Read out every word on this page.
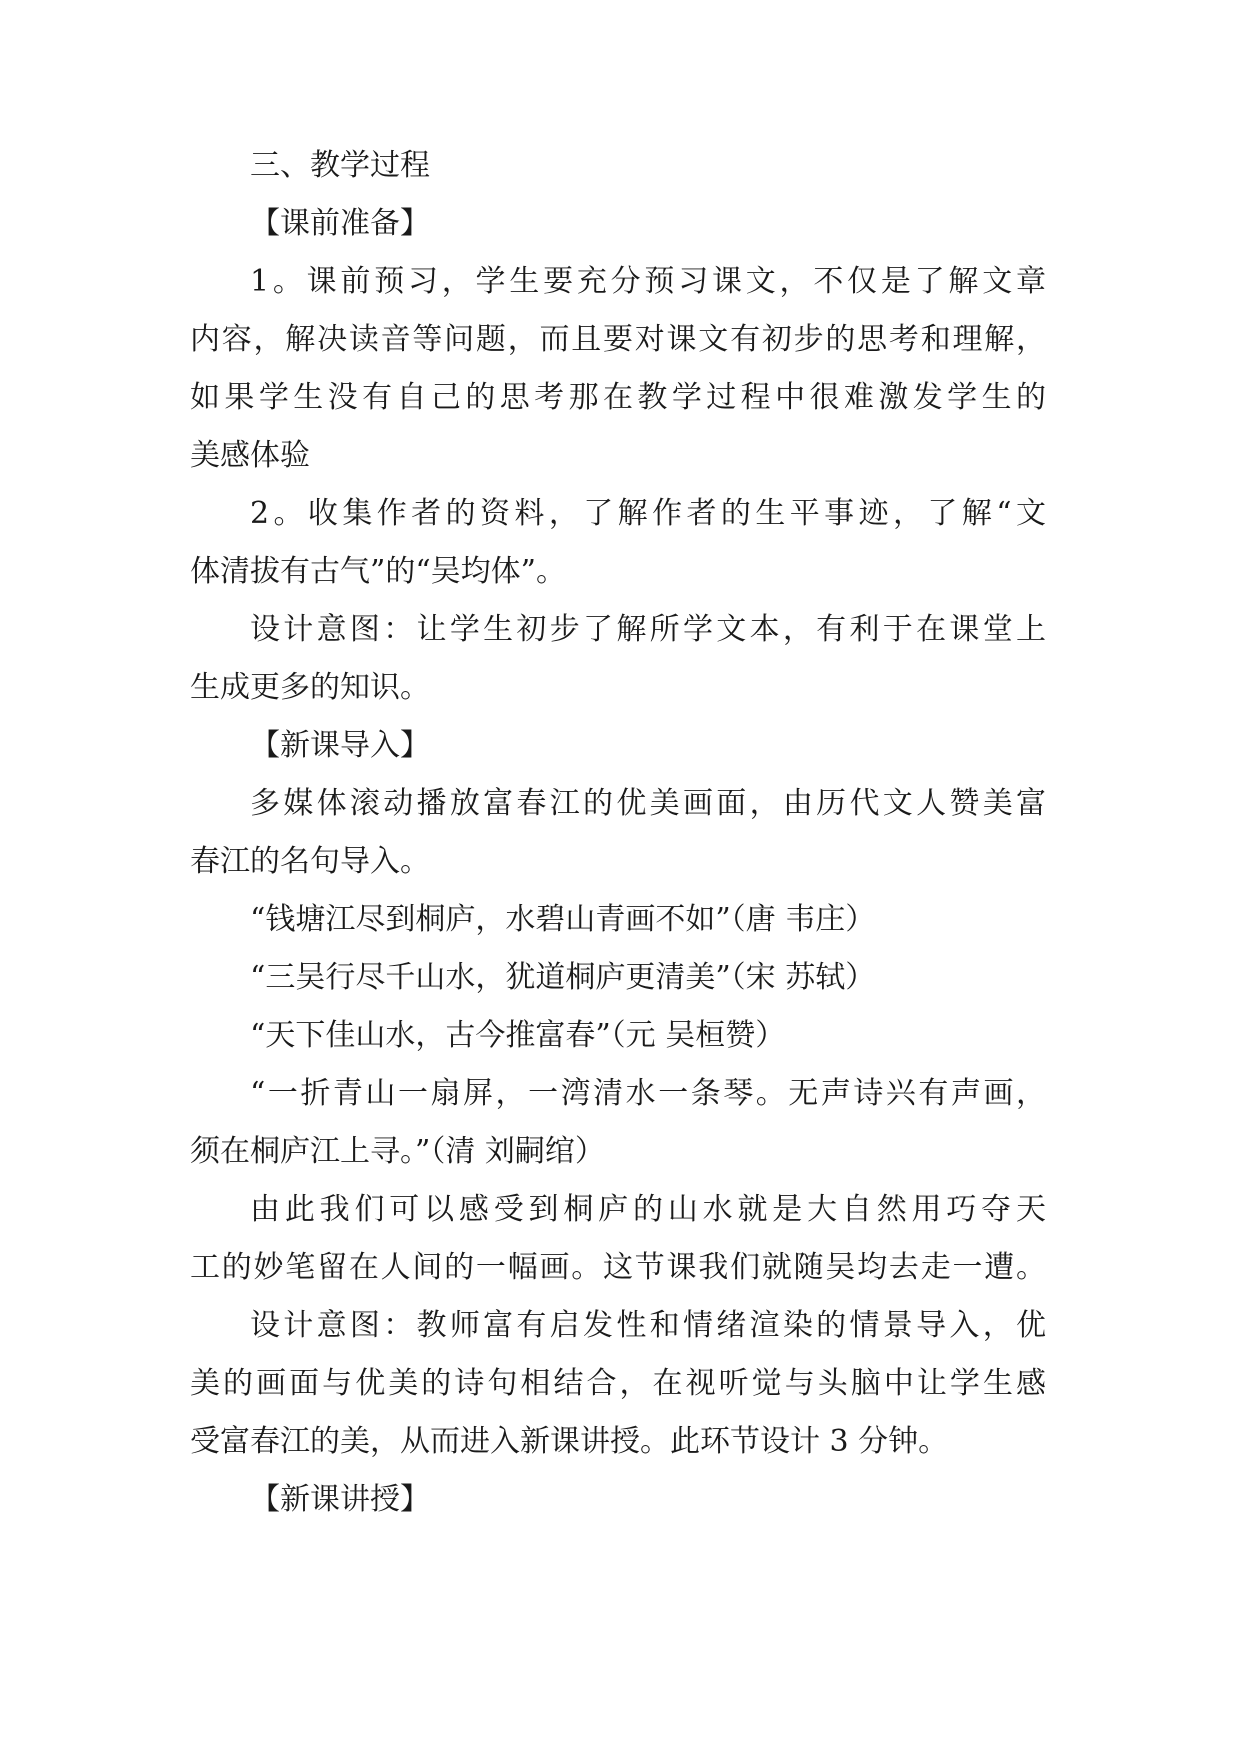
三、教学过程
【课前准备】
1。课前预习，学生要充分预习课文，不仅是了解文章
内容，解决读音等问题，而且要对课文有初步的思考和理解，
如果学生没有自己的思考那在教学过程中很难激发学生的
美感体验
2。收集作者的资料，了解作者的生平事迹，了解“文
体清拔有古气”的“吴均体”。
设计意图：让学生初步了解所学文本，有利于在课堂上
生成更多的知识。
【新课导入】
多媒体滚动播放富春江的优美画面，由历代文人赞美富
春江的名句导入。
“钱塘江尽到桐庐，水碧山青画不如”（唐 韦庄）
“三吴行尽千山水，犹道桐庐更清美”（宋 苏轼）
“天下佳山水，古今推富春”（元 吴桓赞）
“一折青山一扇屏，一湾清水一条琴。无声诗兴有声画，
须在桐庐江上寻。”（清 刘嗣绾）
由此我们可以感受到桐庐的山水就是大自然用巧夺天
工的妙笔留在人间的一幅画。这节课我们就随吴均去走一遭。
设计意图：教师富有启发性和情绪渲染的情景导入，优
美的画面与优美的诗句相结合，在视听觉与头脑中让学生感
受富春江的美，从而进入新课讲授。此环节设计 3 分钟。
【新课讲授】
